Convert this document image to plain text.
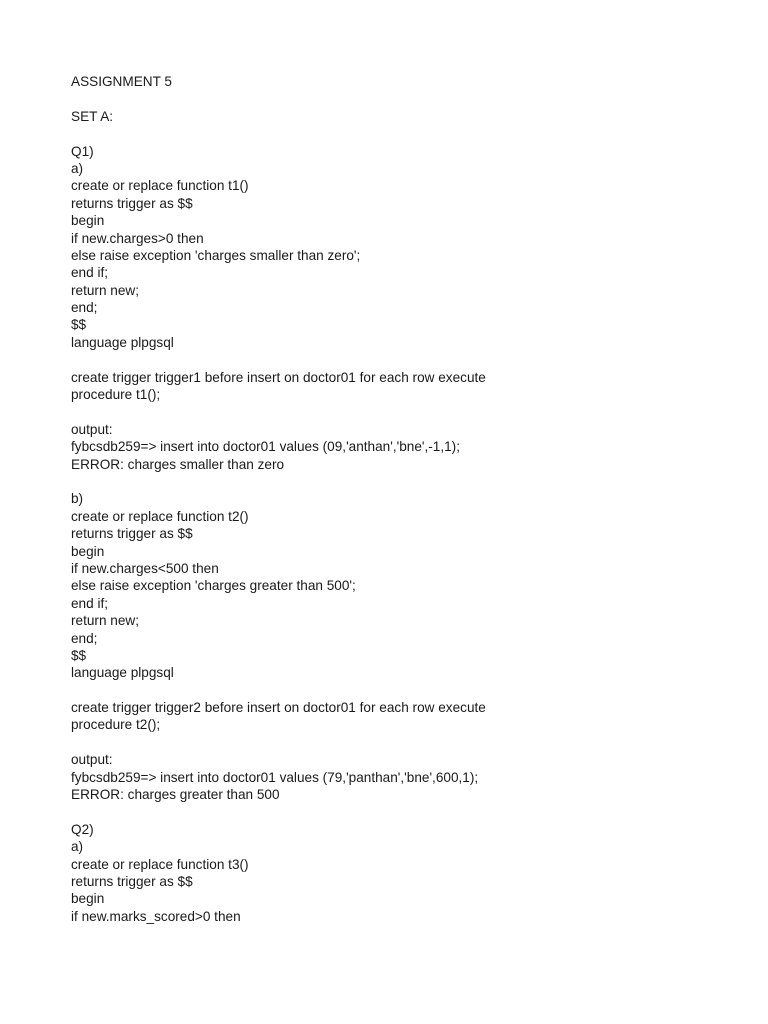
ASSIGNMENT 5
SET A:
Q1)
a)
create or replace function t1()
returns trigger as $$
begin
if new.charges>0 then
else raise exception 'charges smaller than zero';
end if;
return new;
end;
$$
language plpgsql
create trigger trigger1 before insert on doctor01 for each row execute
procedure t1();
output:
fybcsdb259=> insert into doctor01 values (09,'anthan','bne',-1,1);
ERROR: charges smaller than zero
b)
create or replace function t2()
returns trigger as $$
begin
if new.charges<500 then
else raise exception 'charges greater than 500';
end if;
return new;
end;
$$
language plpgsql
create trigger trigger2 before insert on doctor01 for each row execute
procedure t2();
output:
fybcsdb259=> insert into doctor01 values (79,'panthan','bne',600,1);
ERROR: charges greater than 500
Q2)
a)
create or replace function t3()
returns trigger as $$
begin
if new.marks_scored>0 then
